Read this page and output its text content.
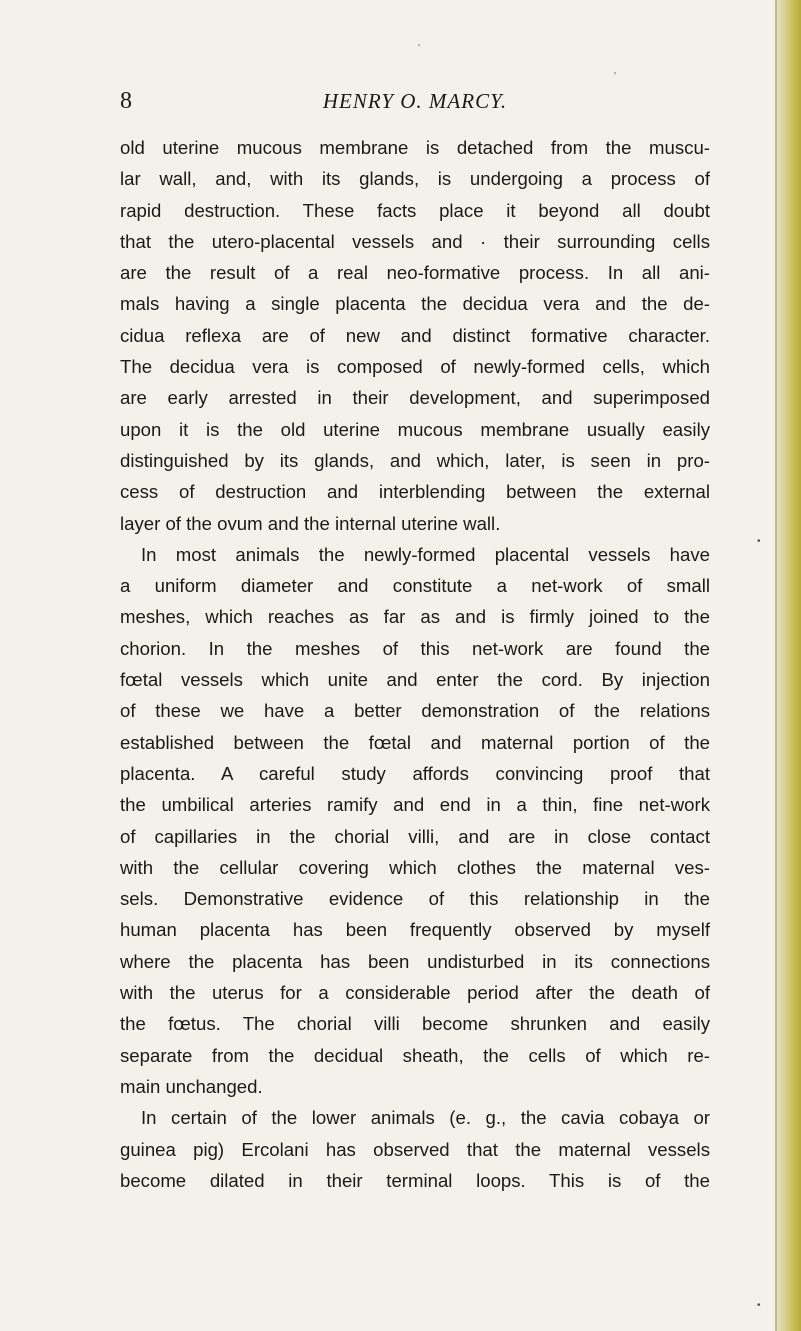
'
'
•
•
8	HENRY O. MARCY.
old uterine mucous membrane is detached from the muscu-
lar wall, and, with its glands, is undergoing a process of
rapid destruction. These facts place it beyond all doubt
that the utero-placental vessels and · their surrounding cells
are the result of a real neo-formative process. In all ani-
mals having a single placenta the decidua vera and the de-
cidua reflexa are of new and distinct formative character.
The decidua vera is composed of newly-formed cells, which
are early arrested in their development, and superimposed
upon it is the old uterine mucous membrane usually easily
distinguished by its glands, and which, later, is seen in pro-
cess of destruction and interblending between the external
layer of the ovum and the internal uterine wall.
In most animals the newly-formed placental vessels have
a uniform diameter and constitute a net-work of small
meshes, which reaches as far as and is firmly joined to the
chorion. In the meshes of this net-work are found the
fœtal vessels which unite and enter the cord. By injection
of these we have a better demonstration of the relations
established between the fœtal and maternal portion of the
placenta. A careful study affords convincing proof that
the umbilical arteries ramify and end in a thin, fine net-work
of capillaries in the chorial villi, and are in close contact
with the cellular covering which clothes the maternal ves-
sels. Demonstrative evidence of this relationship in the
human placenta has been frequently observed by myself
where the placenta has been undisturbed in its connections
with the uterus for a considerable period after the death of
the fœtus. The chorial villi become shrunken and easily
separate from the decidual sheath, the cells of which re-
main unchanged.
In certain of the lower animals (e. g., the cavia cobaya or
guinea pig) Ercolani has observed that the maternal vessels
become dilated in their terminal loops. This is of the
